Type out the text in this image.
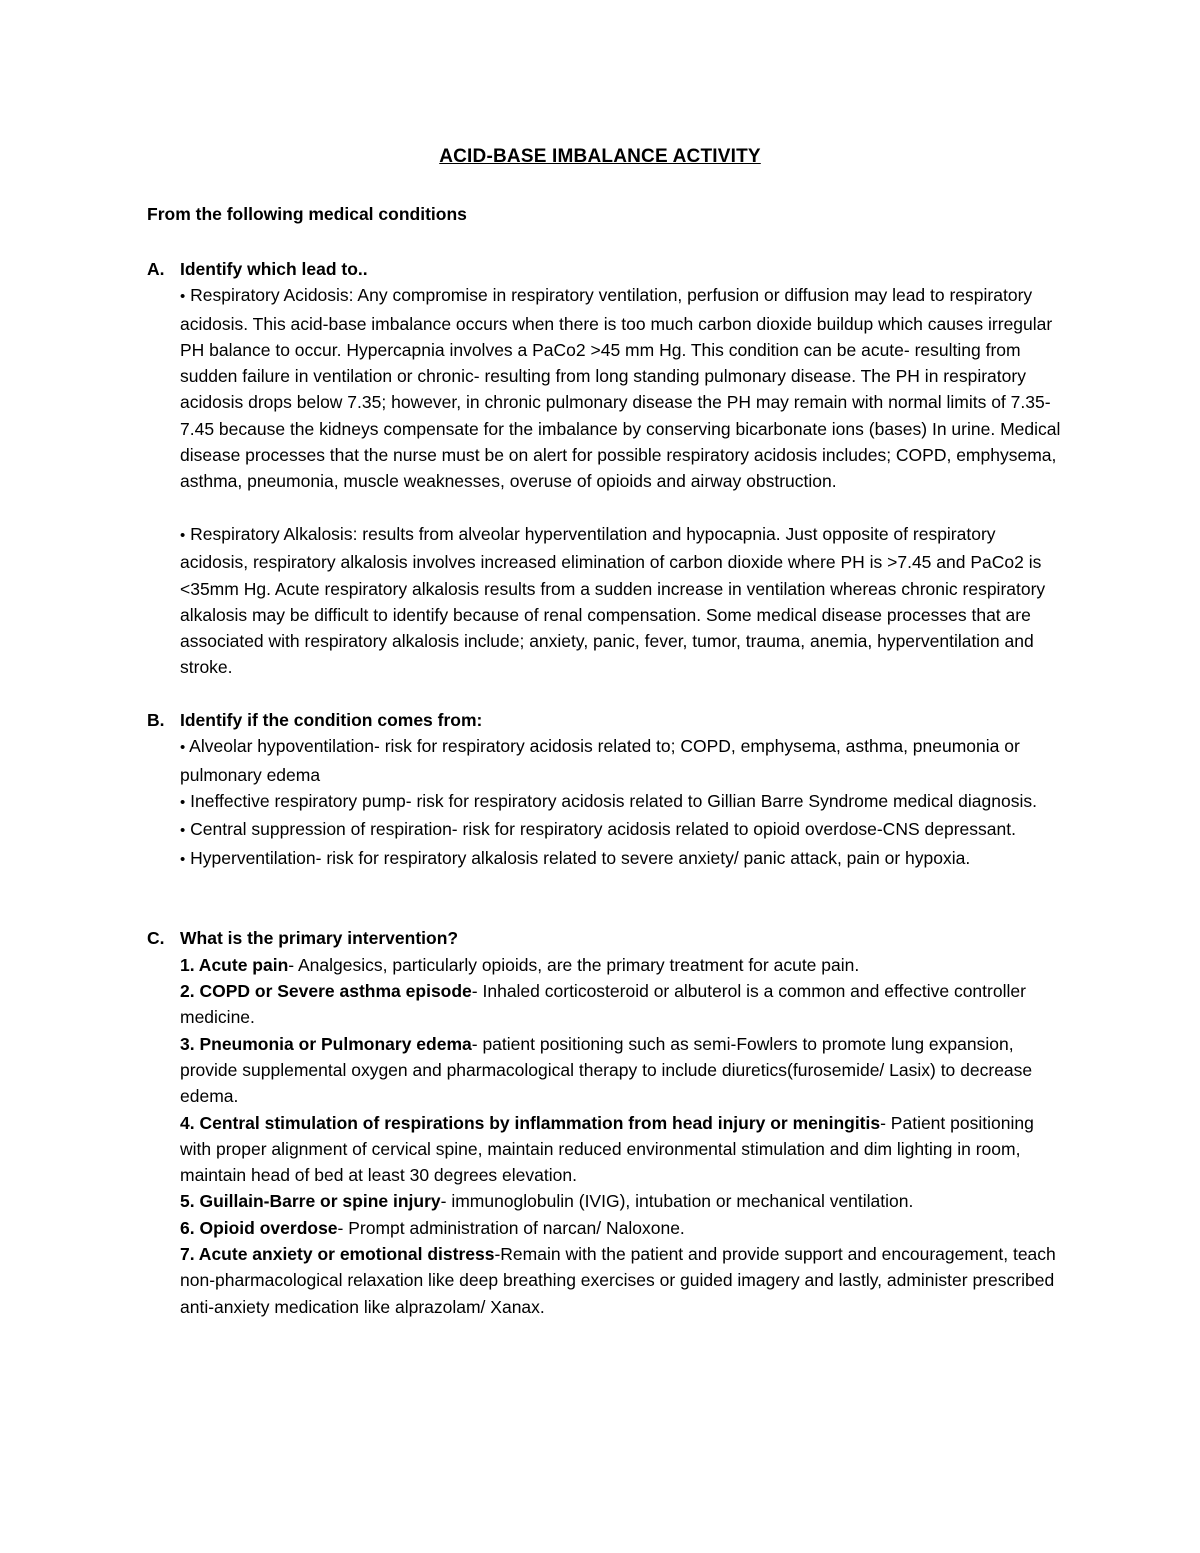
ACID-BASE IMBALANCE ACTIVITY
From the following medical conditions
A. Identify which lead to..

• Respiratory Acidosis: Any compromise in respiratory ventilation, perfusion or diffusion may lead to respiratory acidosis. This acid-base imbalance occurs when there is too much carbon dioxide buildup which causes irregular PH balance to occur. Hypercapnia involves a PaCo2 >45 mm Hg. This condition can be acute- resulting from sudden failure in ventilation or chronic- resulting from long standing pulmonary disease. The PH in respiratory acidosis drops below 7.35; however, in chronic pulmonary disease the PH may remain with normal limits of 7.35-7.45 because the kidneys compensate for the imbalance by conserving bicarbonate ions (bases) In urine. Medical disease processes that the nurse must be on alert for possible respiratory acidosis includes; COPD, emphysema, asthma, pneumonia, muscle weaknesses, overuse of opioids and airway obstruction.

• Respiratory Alkalosis: results from alveolar hyperventilation and hypocapnia. Just opposite of respiratory acidosis, respiratory alkalosis involves increased elimination of carbon dioxide where PH is >7.45 and PaCo2 is <35mm Hg. Acute respiratory alkalosis results from a sudden increase in ventilation whereas chronic respiratory alkalosis may be difficult to identify because of renal compensation. Some medical disease processes that are associated with respiratory alkalosis include; anxiety, panic, fever, tumor, trauma, anemia, hyperventilation and stroke.

B. Identify if the condition comes from:

• Alveolar hypoventilation- risk for respiratory acidosis related to; COPD, emphysema, asthma, pneumonia or pulmonary edema

• Ineffective respiratory pump- risk for respiratory acidosis related to Gillian Barre Syndrome medical diagnosis.

• Central suppression of respiration- risk for respiratory acidosis related to opioid overdose-CNS depressant.

• Hyperventilation- risk for respiratory alkalosis related to severe anxiety/ panic attack, pain or hypoxia.

C. What is the primary intervention?

1. Acute pain- Analgesics, particularly opioids, are the primary treatment for acute pain.

2. COPD or Severe asthma episode- Inhaled corticosteroid or albuterol is a common and effective controller medicine.

3. Pneumonia or Pulmonary edema- patient positioning such as semi-Fowlers to promote lung expansion, provide supplemental oxygen and pharmacological therapy to include diuretics(furosemide/ Lasix) to decrease edema.

4. Central stimulation of respirations by inflammation from head injury or meningitis- Patient positioning with proper alignment of cervical spine, maintain reduced environmental stimulation and dim lighting in room, maintain head of bed at least 30 degrees elevation.

5. Guillain-Barre or spine injury- immunoglobulin (IVIG), intubation or mechanical ventilation.

6. Opioid overdose- Prompt administration of narcan/ Naloxone.

7. Acute anxiety or emotional distress-Remain with the patient and provide support and encouragement, teach non-pharmacological relaxation like deep breathing exercises or guided imagery and lastly, administer prescribed anti-anxiety medication like alprazolam/ Xanax.
